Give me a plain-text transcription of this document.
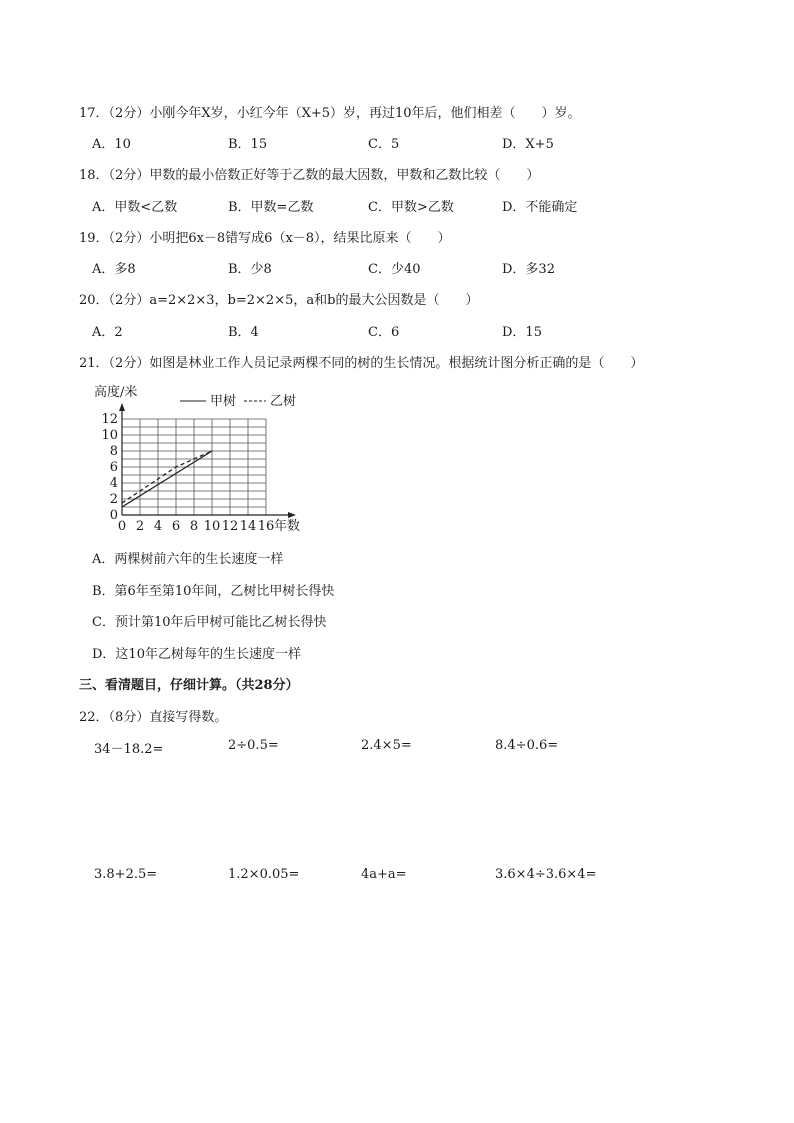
17．（2分）小刚今年X岁，小红今年（X+5）岁，再过10年后，他们相差（　　）岁。
A．10	B．15	C．5	D．X+5
18．（2分）甲数的最小倍数正好等于乙数的最大因数，甲数和乙数比较（　　）
A．甲数<乙数	B．甲数=乙数	C．甲数>乙数	D．不能确定
19．（2分）小明把6x－8错写成6（x－8），结果比原来（　　）
A．多8	B．少8	C．少40	D．多32
20．（2分）a=2×2×3，b=2×2×5，a和b的最大公因数是（　　）
A．2	B．4	C．6	D．15
21．（2分）如图是林业工作人员记录两棵不同的树的生长情况。根据统计图分析正确的是（　　）
0 2 4 6 8 10 12 14 16
0
2
4
6
8
10
12
高度/米
年数
甲树	乙树
A．两棵树前六年的生长速度一样
B．第6年至第10年间，乙树比甲树长得快
C．预计第10年后甲树可能比乙树长得快
D．这10年乙树每年的生长速度一样
三、看清题目，仔细计算。（共28分）
22．（8分）直接写得数。
34－18.2=	2÷0.5=	2.4×5=	8.4÷0.6=
3.8+2.5=	1.2×0.05=	4a+a=	3.6×4÷3.6×4=
